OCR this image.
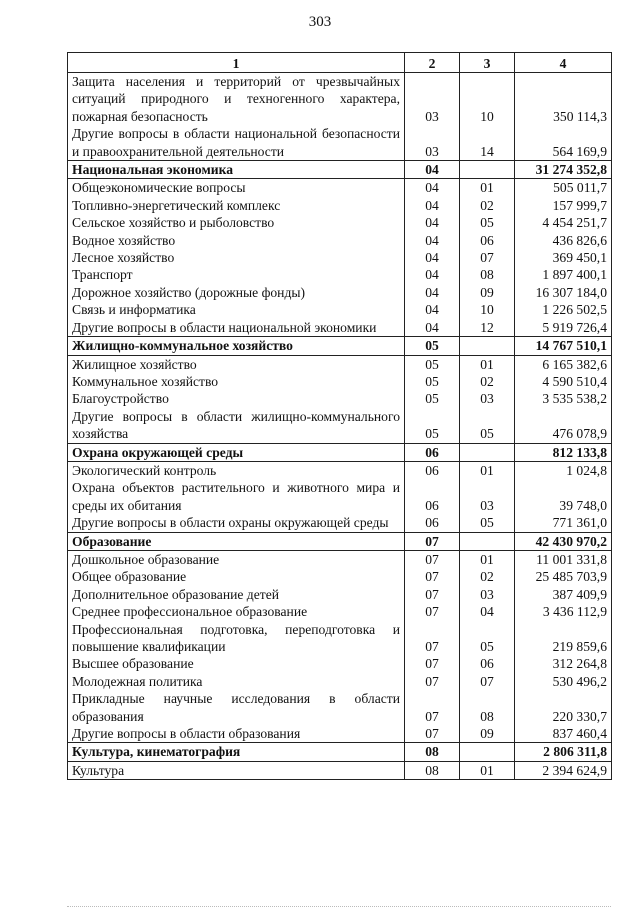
303
1	2	3	4
Защита населения и территорий от чрезвычайных ситуаций природного и техногенного характера, пожарная безопасность	03	10	350 114,3
Другие вопросы в области национальной безопасности и правоохранительной деятельности	03	14	564 169,9
Национальная экономика	04		31 274 352,8
Общеэкономические вопросы	04	01	505 011,7
Топливно-энергетический комплекс	04	02	157 999,7
Сельское хозяйство и рыболовство	04	05	4 454 251,7
Водное хозяйство	04	06	436 826,6
Лесное хозяйство	04	07	369 450,1
Транспорт	04	08	1 897 400,1
Дорожное хозяйство (дорожные фонды)	04	09	16 307 184,0
Связь и информатика	04	10	1 226 502,5
Другие вопросы в области национальной экономики	04	12	5 919 726,4
Жилищно-коммунальное хозяйство	05		14 767 510,1
Жилищное хозяйство	05	01	6 165 382,6
Коммунальное хозяйство	05	02	4 590 510,4
Благоустройство	05	03	3 535 538,2
Другие вопросы в области жилищно-коммунального хозяйства	05	05	476 078,9
Охрана окружающей среды	06		812 133,8
Экологический контроль	06	01	1 024,8
Охрана объектов растительного и животного мира и среды их обитания	06	03	39 748,0
Другие вопросы в области охраны окружающей среды	06	05	771 361,0
Образование	07		42 430 970,2
Дошкольное образование	07	01	11 001 331,8
Общее образование	07	02	25 485 703,9
Дополнительное образование детей	07	03	387 409,9
Среднее профессиональное образование	07	04	3 436 112,9
Профессиональная подготовка, переподготовка и повышение квалификации	07	05	219 859,6
Высшее образование	07	06	312 264,8
Молодежная политика	07	07	530 496,2
Прикладные научные исследования в области образования	07	08	220 330,7
Другие вопросы в области образования	07	09	837 460,4
Культура, кинематография	08		2 806 311,8
Культура	08	01	2 394 624,9
